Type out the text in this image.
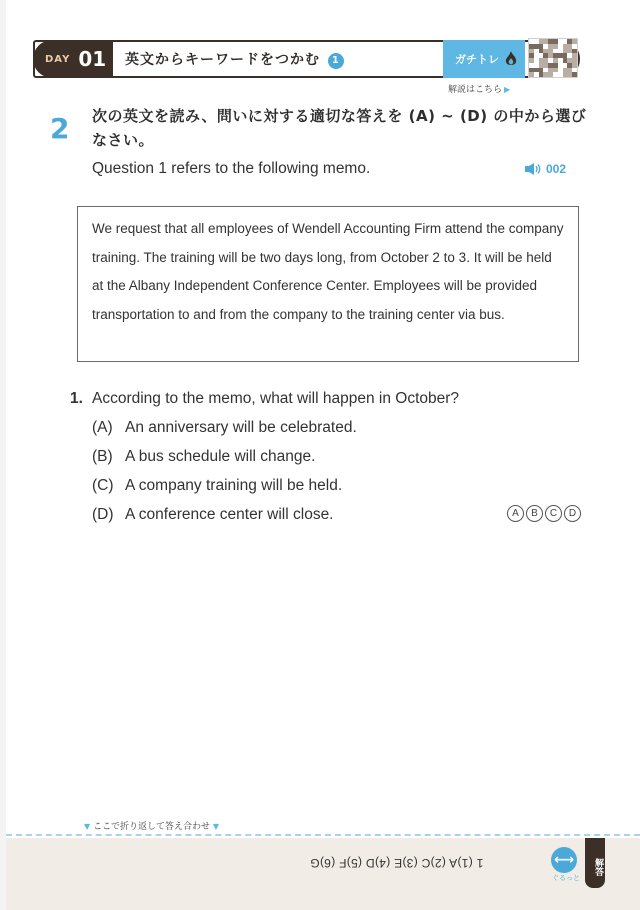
DAY 01 英文からキーワードをつかむ 1	ガチトレ
解説はこちら ▶
2 次の英文を読み、問いに対する適切な答えを (A) ~ (D) の中から選びなさい。
Question 1 refers to the following memo.	002

We request that all employees of Wendell Accounting Firm attend the company training. The training will be two days long, from October 2 to 3. It will be held at the Albany Independent Conference Center. Employees will be provided transportation to and from the company to the training center via bus.

1. According to the memo, what will happen in October?
(A) An anniversary will be celebrated.
(B) A bus schedule will change.
(C) A company training will be held.
(D) A conference center will close.	A	B	C	D
▼ ここで折り返して答え合わせ ▼
1 (1)A (2)C (3)E (4)D (5)F (6)G	⟷
ぐるっと
解答
